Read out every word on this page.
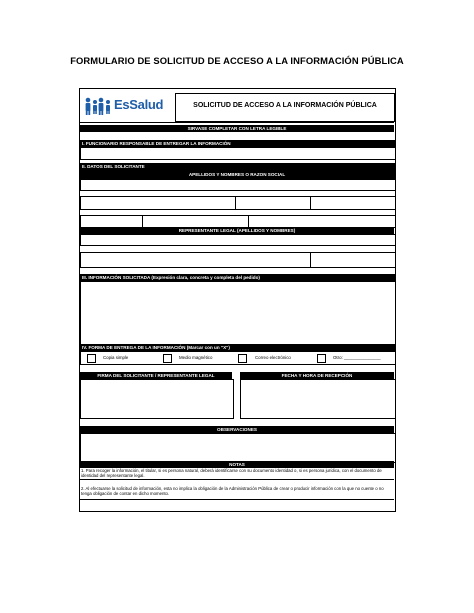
FORMULARIO DE SOLICITUD DE ACCESO A LA INFORMACIÓN PÚBLICA
EsSalud	SOLICITUD DE ACCESO A LA INFORMACIÓN PÚBLICA
SIRVASE COMPLETAR CON LETRA LEGIBLE
I. FUNCIONARIO RESPONSABLE DE ENTREGAR LA INFORMACIÓN
II. DATOS DEL SOLICITANTE
APELLIDOS Y NOMBRES O RAZON SOCIAL
REPRESENTANTE LEGAL (APELLIDOS Y NOMBRES)
III. INFORMACIÓN SOLICITADA (Expresión clara, concreta y completa del pedido)
IV. FORMA DE ENTREGA DE LA INFORMACIÓN (Marcar con un "X")
Copia simple	Medio magnético	Correo electrónico	Otro: _______________
FIRMA DEL SOLICITANTE / REPRESENTANTE LEGAL	FECHA Y HORA DE RECEPCIÓN
OBSERVACIONES
NOTAS
1. Para recoger la información, el titular, si es persona natural, deberá identificarse con su documento identidad o, si es persona jurídica, con el documento de identidad del representante legal.
2. Al efectuarse la solicitud de información, esta no implica la obligación de la Administración Pública de crear o producir información con la que no cuente o no tenga obligación de contar en dicho momento.
